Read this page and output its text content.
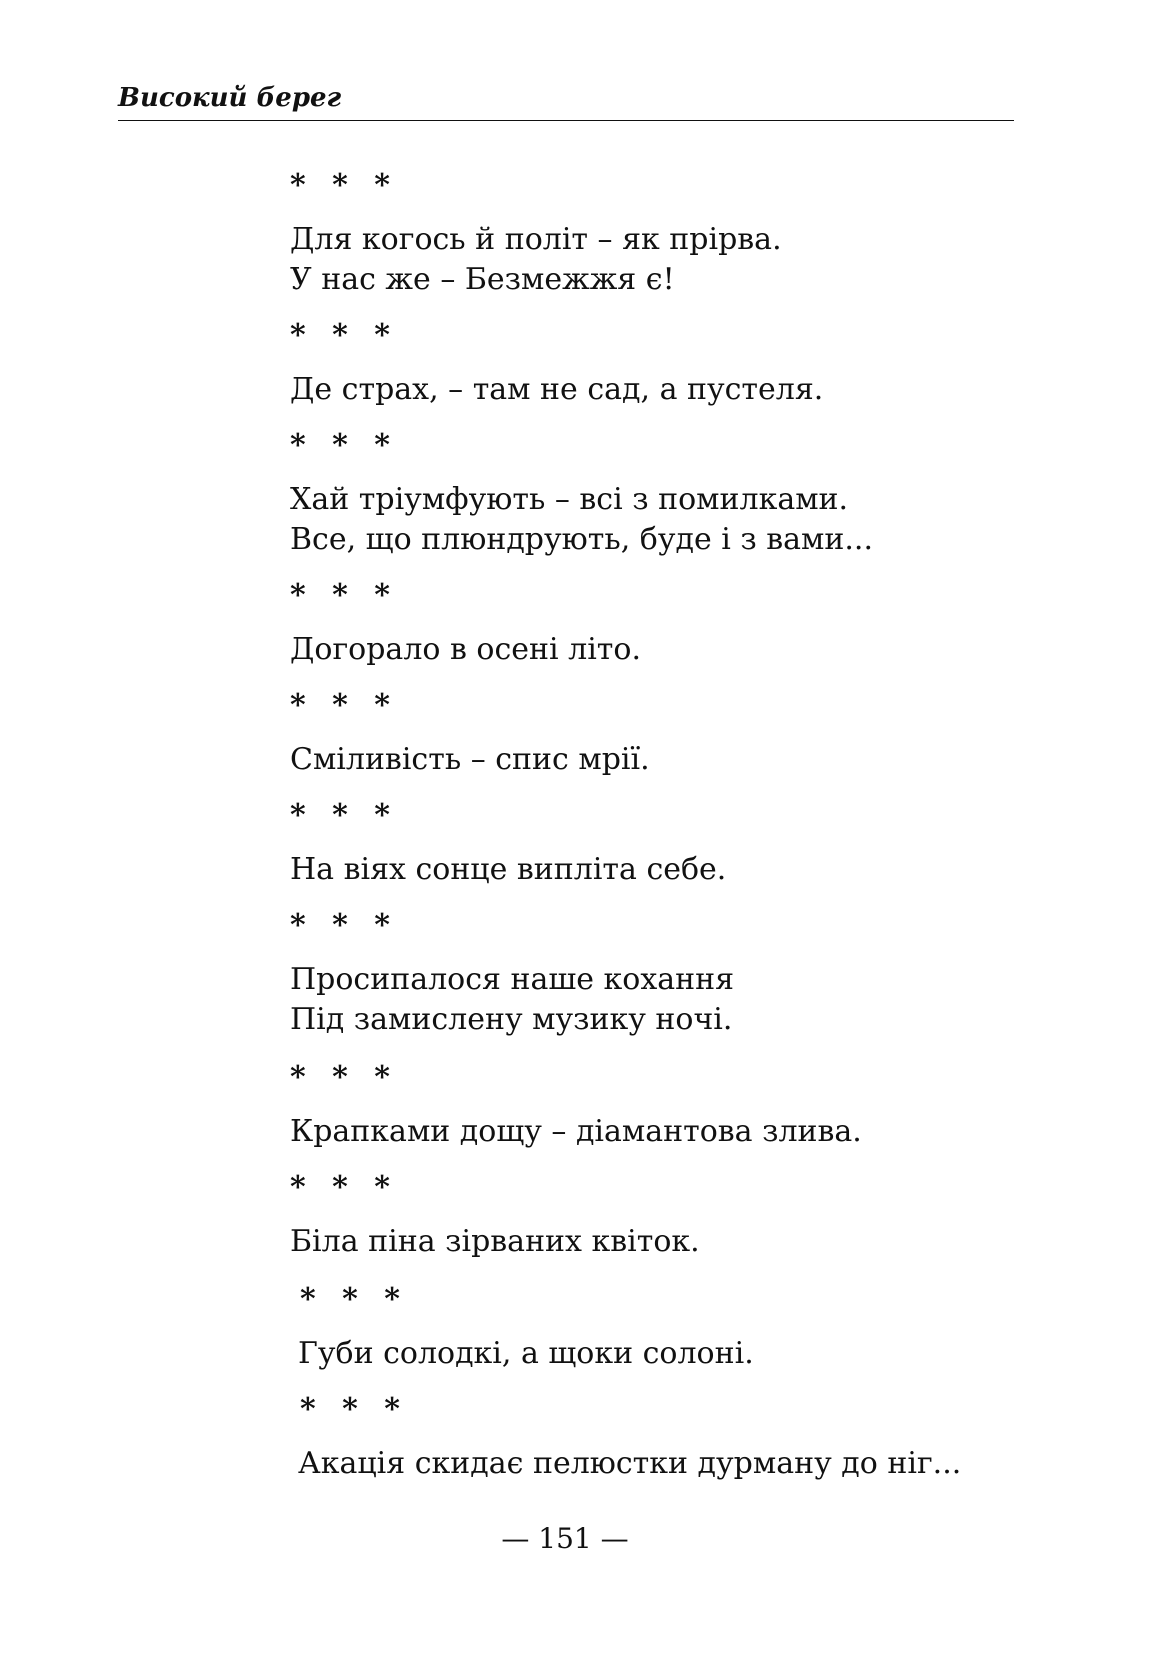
Високий берег
* * *
Для когось й політ – як прірва.
У нас же – Безмежжя є!
* * *
Де страх, – там не сад, а пустеля.
* * *
Хай тріумфують – всі з помилками.
Все, що плюндрують, буде і з вами...
* * *
Догорало в осені літо.
* * *
Сміливість – спис мрії.
* * *
На віях сонце випліта себе.
* * *
Просипалося наше кохання
Під замислену музику ночі.
* * *
Крапками дощу – діамантова злива.
* * *
Біла піна зірваних квіток.
* * *
Губи солодкі, а щоки солоні.
* * *
Акація скидає пелюстки дурману до ніг...
— 151 —
